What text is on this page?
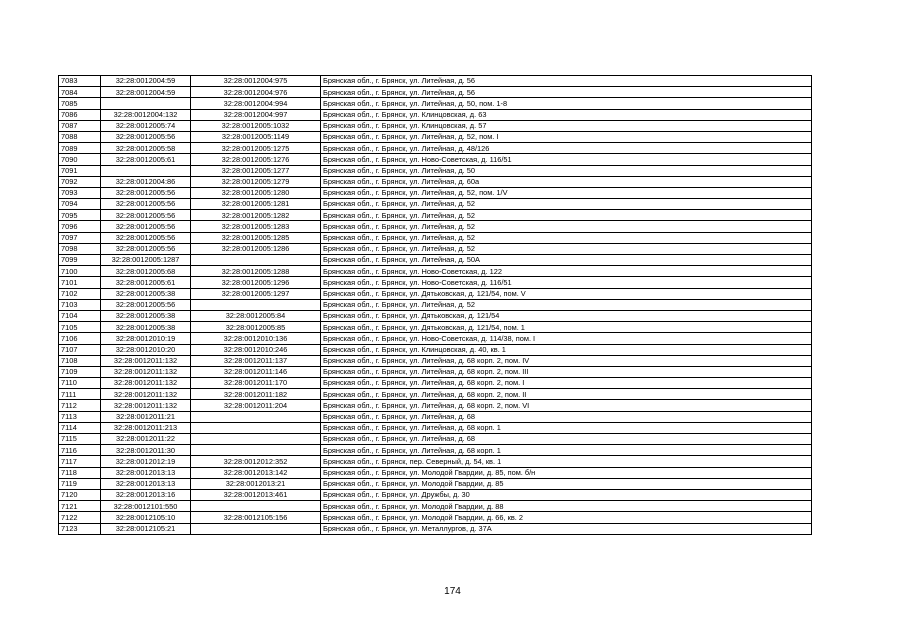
7083	32:28:0012004:59	32:28:0012004:975	Брянская обл., г. Брянск, ул. Литейная, д. 56
7084	32:28:0012004:59	32:28:0012004:976	Брянская обл., г. Брянск, ул. Литейная, д. 56
7085		32:28:0012004:994	Брянская обл., г. Брянск, ул. Литейная, д. 50, пом. 1-8
7086	32:28:0012004:132	32:28:0012004:997	Брянская обл., г. Брянск, ул. Клинцовская, д. 63
7087	32:28:0012005:74	32:28:0012005:1032	Брянская обл., г. Брянск, ул. Клинцовская, д. 57
7088	32:28:0012005:56	32:28:0012005:1149	Брянская обл., г. Брянск, ул. Литейная, д. 52, пом. I
7089	32:28:0012005:58	32:28:0012005:1275	Брянская обл., г. Брянск, ул. Литейная, д. 48/126
7090	32:28:0012005:61	32:28:0012005:1276	Брянская обл., г. Брянск, ул. Ново-Советская, д. 116/51
7091		32:28:0012005:1277	Брянская обл., г. Брянск, ул. Литейная, д. 50
7092	32:28:0012004:86	32:28:0012005:1279	Брянская обл., г. Брянск, ул. Литейная, д. 60а
7093	32:28:0012005:56	32:28:0012005:1280	Брянская обл., г. Брянск, ул. Литейная, д. 52, пом. 1/V
7094	32:28:0012005:56	32:28:0012005:1281	Брянская обл., г. Брянск, ул. Литейная, д. 52
7095	32:28:0012005:56	32:28:0012005:1282	Брянская обл., г. Брянск, ул. Литейная, д. 52
7096	32:28:0012005:56	32:28:0012005:1283	Брянская обл., г. Брянск, ул. Литейная, д. 52
7097	32:28:0012005:56	32:28:0012005:1285	Брянская обл., г. Брянск, ул. Литейная, д. 52
7098	32:28:0012005:56	32:28:0012005:1286	Брянская обл., г. Брянск, ул. Литейная, д. 52
7099	32:28:0012005:1287		Брянская обл., г. Брянск, ул. Литейная, д. 50А
7100	32:28:0012005:68	32:28:0012005:1288	Брянская обл., г. Брянск, ул. Ново-Советская, д. 122
7101	32:28:0012005:61	32:28:0012005:1296	Брянская обл., г. Брянск, ул. Ново-Советская, д. 116/51
7102	32:28:0012005:38	32:28:0012005:1297	Брянская обл., г. Брянск, ул. Дятьковская, д. 121/54, пом. V
7103	32:28:0012005:56		Брянская обл., г. Брянск, ул. Литейная, д. 52
7104	32:28:0012005:38	32:28:0012005:84	Брянская обл., г. Брянск, ул. Дятьковская, д. 121/54
7105	32:28:0012005:38	32:28:0012005:85	Брянская обл., г. Брянск, ул. Дятьковская, д. 121/54, пом. 1
7106	32:28:0012010:19	32:28:0012010:136	Брянская обл., г. Брянск, ул. Ново-Советская, д. 114/38, пом. I
7107	32:28:0012010:20	32:28:0012010:246	Брянская обл., г. Брянск, ул. Клинцовская, д. 40, кв. 1
7108	32:28:0012011:132	32:28:0012011:137	Брянская обл., г. Брянск, ул. Литейная, д. 68 корп. 2, пом. IV
7109	32:28:0012011:132	32:28:0012011:146	Брянская обл., г. Брянск, ул. Литейная, д. 68 корп. 2, пом. III
7110	32:28:0012011:132	32:28:0012011:170	Брянская обл., г. Брянск, ул. Литейная, д. 68 корп. 2, пом. I
7111	32:28:0012011:132	32:28:0012011:182	Брянская обл., г. Брянск, ул. Литейная, д. 68 корп. 2, пом. II
7112	32:28:0012011:132	32:28:0012011:204	Брянская обл., г. Брянск, ул. Литейная, д. 68 корп. 2, пом. VI
7113	32:28:0012011:21		Брянская обл., г. Брянск, ул. Литейная, д. 68
7114	32:28:0012011:213		Брянская обл., г. Брянск, ул. Литейная, д. 68 корп. 1
7115	32:28:0012011:22		Брянская обл., г. Брянск, ул. Литейная, д. 68
7116	32:28:0012011:30		Брянская обл., г. Брянск, ул. Литейная, д. 68 корп. 1
7117	32:28:0012012:19	32:28:0012012:352	Брянская обл., г. Брянск, пер. Северный, д. 54, кв. 1
7118	32:28:0012013:13	32:28:0012013:142	Брянская обл., г. Брянск, ул. Молодой Гвардии, д. 85, пом. б/н
7119	32:28:0012013:13	32:28:0012013:21	Брянская обл., г. Брянск, ул. Молодой Гвардии, д. 85
7120	32:28:0012013:16	32:28:0012013:461	Брянская обл., г. Брянск, ул. Дружбы, д. 30
7121	32:28:0012101:550		Брянская обл., г. Брянск, ул. Молодой Гвардии, д. 88
7122	32:28:0012105:10	32:28:0012105:156	Брянская обл., г. Брянск, ул. Молодой Гвардии, д. 66, кв. 2
7123	32:28:0012105:21		Брянская обл., г. Брянск, ул. Металлургов, д. 37А
174
